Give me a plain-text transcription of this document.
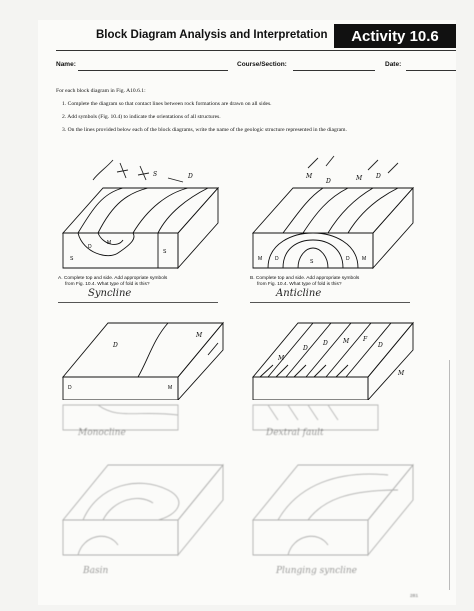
Block Diagram Analysis and Interpretation	Activity 10.6
Name:	Course/Section:	Date:
For each block diagram in Fig. A10.6.1:
1. Complete the diagram so that contact lines between rock formations are drawn on all sides.
2. Add symbols (Fig. 10.4) to indicate the orientations of all structures.
3. On the lines provided below each of the block diagrams, write the name of the geologic structure represented in the diagram.
S	D
S
D
M
S
A. Complete top and side. Add appropriate symbols
from Fig. 10.4. What type of fold is this?
Syncline
M
D	M D
M	D	S	D M
B. Complete top and side. Add appropriate symbols
from Fig. 10.4. What type of fold is this?
Anticline
D
M
D	M
M
D
D	M F
D
M
Monocline	Dextral fault
Basin	Plunging syncline
281
